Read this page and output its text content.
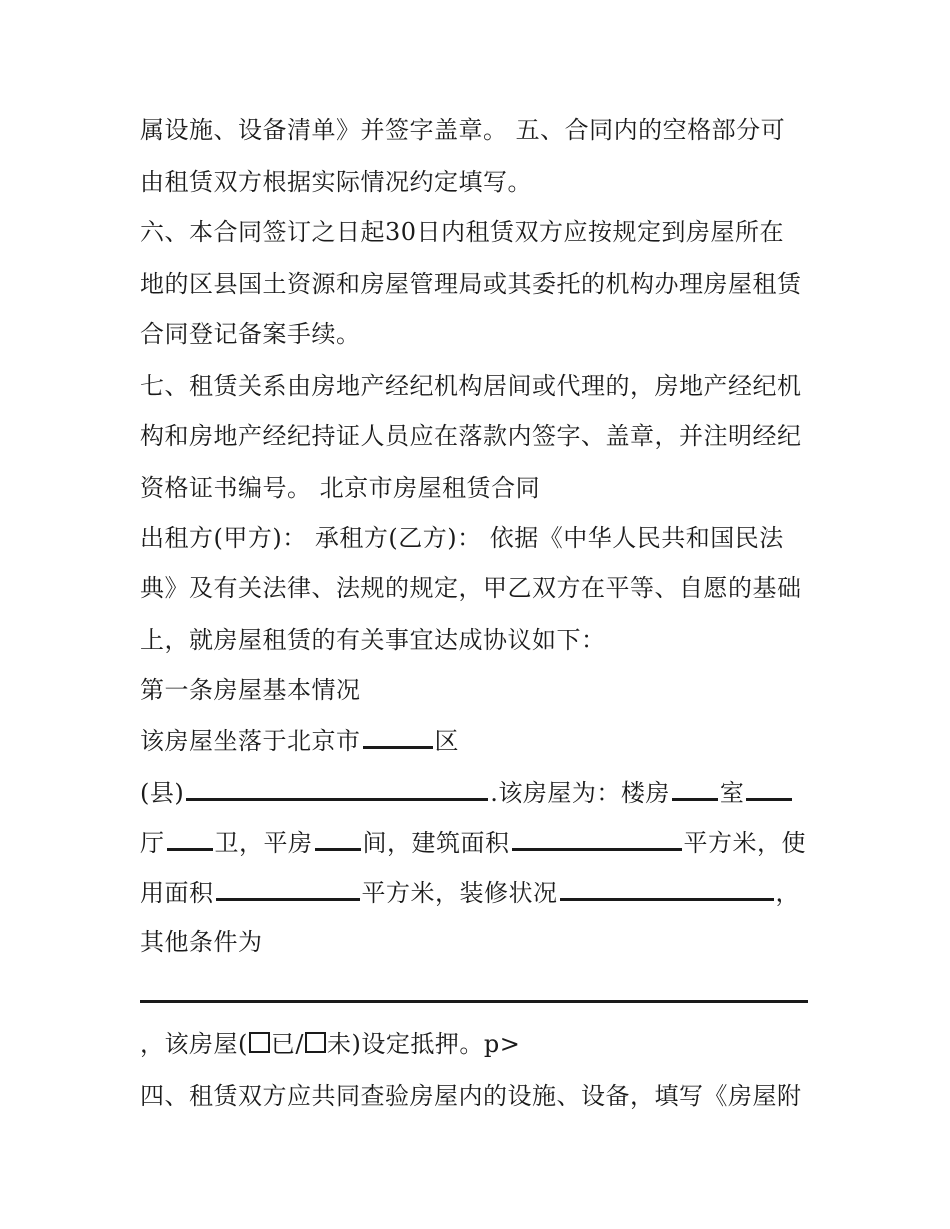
属设施、设备清单》并签字盖章。 五、合同内的空格部分可
由租赁双方根据实际情况约定填写。
六、本合同签订之日起30日内租赁双方应按规定到房屋所在
地的区县国土资源和房屋管理局或其委托的机构办理房屋租赁
合同登记备案手续。
七、租赁关系由房地产经纪机构居间或代理的，房地产经纪机
构和房地产经纪持证人员应在落款内签字、盖章，并注明经纪
资格证书编号。 北京市房屋租赁合同
出租方(甲方)： 承租方(乙方)： 依据《中华人民共和国民法
典》及有关法律、法规的规定，甲乙双方在平等、自愿的基础
上，就房屋租赁的有关事宜达成协议如下：
第一条房屋基本情况
该房屋坐落于北京市	区
(县)	.该房屋为：楼房 室
厅 卫，平房 间，建筑面积	平方米，使
用面积	平方米，装修状况	，
其他条件为
，该房屋( 已/ 未)设定抵押。p>
四、租赁双方应共同查验房屋内的设施、设备，填写《房屋附
